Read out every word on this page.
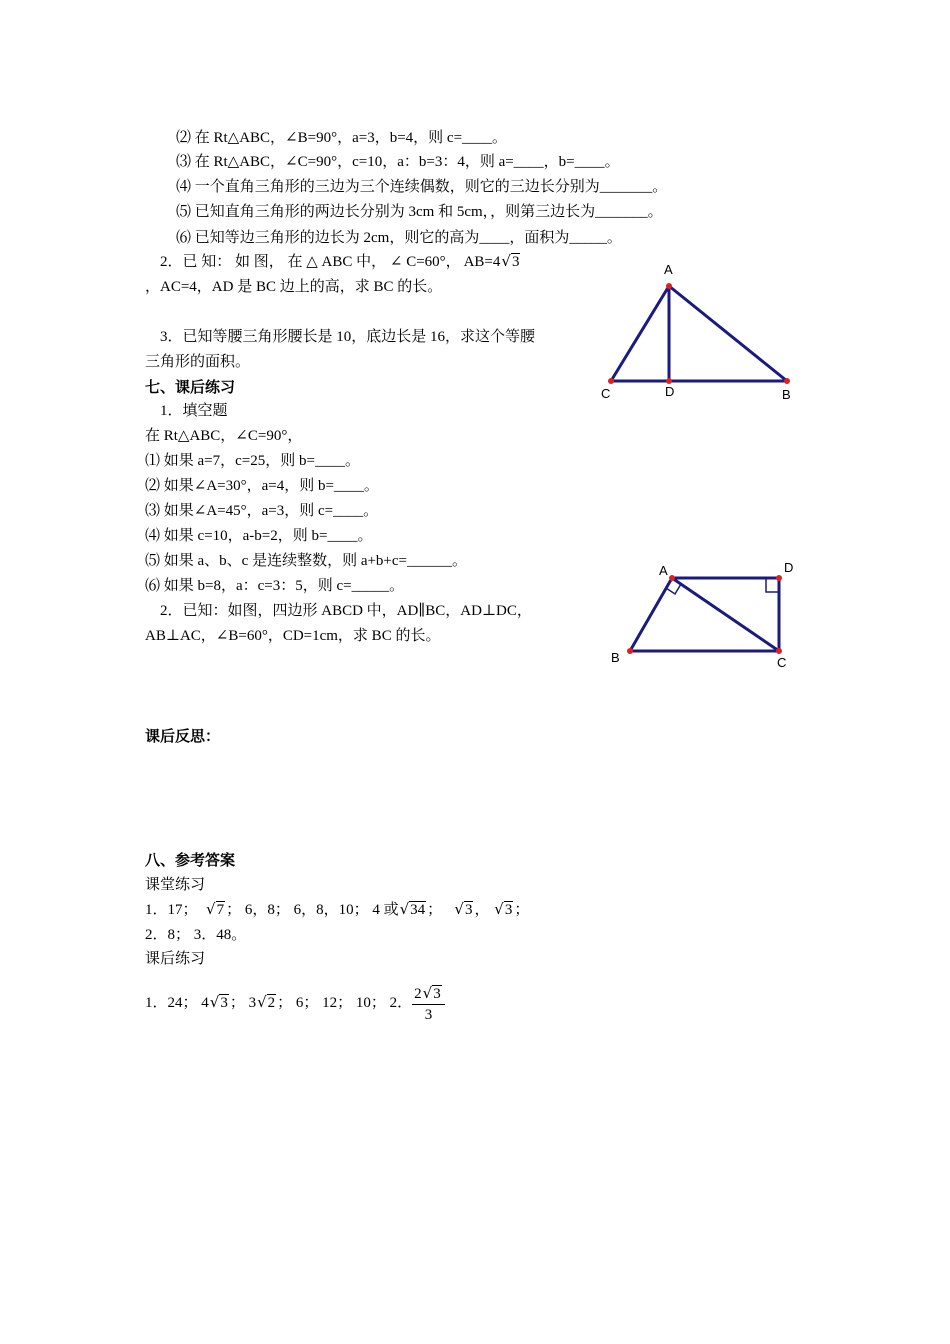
⑵ 在 Rt△ABC，∠B=90°，a=3，b=4，则 c=____。
⑶ 在 Rt△ABC，∠C=90°，c=10，a：b=3：4，则 a=____，b=____。
⑷ 一个直角三角形的三边为三个连续偶数，则它的三边长分别为_______。
⑸ 已知直角三角形的两边长分别为 3cm 和 5cm，，则第三边长为_______。
⑹ 已知等边三角形的边长为 2cm，则它的高为____，面积为_____。
2．已 知： 如 图， 在 △ ABC 中， ∠ C=60°， AB=4√3
，AC=4，AD 是 BC 边上的高，求 BC 的长。
3．已知等腰三角形腰长是 10，底边长是 16，求这个等腰
三角形的面积。
七、课后练习
1．填空题
在 Rt△ABC，∠C=90°，
⑴ 如果 a=7，c=25，则 b=____。
⑵ 如果∠A=30°，a=4，则 b=____。
⑶ 如果∠A=45°，a=3，则 c=____。
⑷ 如果 c=10，a-b=2，则 b=____。
⑸ 如果 a、b、c 是连续整数，则 a+b+c=______。
⑹ 如果 b=8，a：c=3：5，则 c=_____。
2．已知：如图，四边形 ABCD 中，AD∥BC，AD⊥DC，
AB⊥AC，∠B=60°，CD=1cm，求 BC 的长。
课后反思：
八、参考答案
课堂练习
1．17； √7 ； 6，8； 6，8，10； 4 或√34 ； √3 ， √3 ；
2．8； 3．48。
课后练习
1．24； 4√3 ； 3√2 ； 6； 12； 10； 2． $\frac{2√3}{3}$
A
C	D	B
A	D
B	C
